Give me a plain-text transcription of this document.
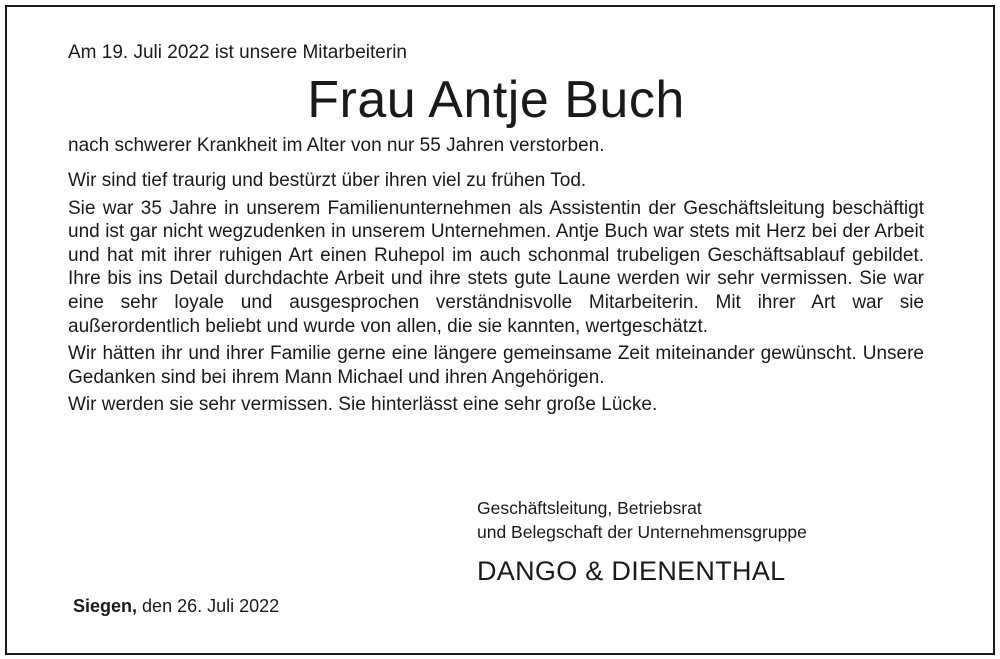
Am 19. Juli 2022 ist unsere Mitarbeiterin

Frau Antje Buch

nach schwerer Krankheit im Alter von nur 55 Jahren verstorben.

Wir sind tief traurig und bestürzt über ihren viel zu frühen Tod.

Sie war 35 Jahre in unserem Familienunternehmen als Assistentin der Geschäftsleitung beschäftigt und ist gar nicht wegzudenken in unserem Unternehmen. Antje Buch war stets mit Herz bei der Arbeit und hat mit ihrer ruhigen Art einen Ruhepol im auch schonmal trubeligen Geschäftsablauf gebildet. Ihre bis ins Detail durchdachte Arbeit und ihre stets gute Laune werden wir sehr vermissen. Sie war eine sehr loyale und ausgesprochen verständnisvolle Mitarbeiterin. Mit ihrer Art war sie außerordentlich beliebt und wurde von allen, die sie kannten, wertgeschätzt.

Wir hätten ihr und ihrer Familie gerne eine längere gemeinsame Zeit miteinander gewünscht. Unsere Gedanken sind bei ihrem Mann Michael und ihren Angehörigen.

Wir werden sie sehr vermissen. Sie hinterlässt eine sehr große Lücke.

Geschäftsleitung, Betriebsrat

und Belegschaft der Unternehmensgruppe

DANGO & DIENENTHAL

Siegen, den 26. Juli 2022
